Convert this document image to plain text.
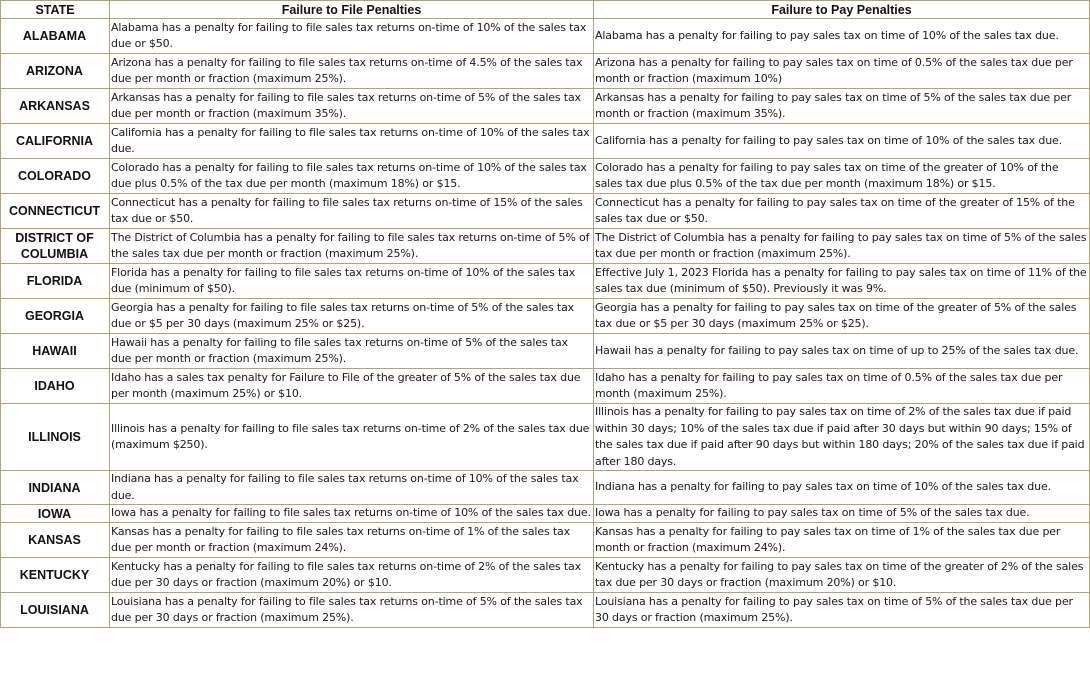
STATE	Failure to File Penalties	Failure to Pay Penalties
ALABAMA	Alabama has a penalty for failing to file sales tax returns on-time of 10% of the sales tax due or $50.	Alabama has a penalty for failing to pay sales tax on time of 10% of the sales tax due.
ARIZONA	Arizona has a penalty for failing to file sales tax returns on-time of 4.5% of the sales tax due per month or fraction (maximum 25%).	Arizona has a penalty for failing to pay sales tax on time of 0.5% of the sales tax due per month or fraction (maximum 10%)
ARKANSAS	Arkansas has a penalty for failing to file sales tax returns on-time of 5% of the sales tax due per month or fraction (maximum 35%).	Arkansas has a penalty for failing to pay sales tax on time of 5% of the sales tax due per month or fraction (maximum 35%).
CALIFORNIA	California has a penalty for failing to file sales tax returns on-time of 10% of the sales tax due.	California has a penalty for failing to pay sales tax on time of 10% of the sales tax due.
COLORADO	Colorado has a penalty for failing to file sales tax returns on-time of 10% of the sales tax due plus 0.5% of the tax due per month (maximum 18%) or $15.	Colorado has a penalty for failing to pay sales tax on time of the greater of 10% of the sales tax due plus 0.5% of the tax due per month (maximum 18%) or $15.
CONNECTICUT	Connecticut has a penalty for failing to file sales tax returns on-time of 15% of the sales tax due or $50.	Connecticut has a penalty for failing to pay sales tax on time of the greater of 15% of the sales tax due or $50.
DISTRICT OF COLUMBIA	The District of Columbia has a penalty for failing to file sales tax returns on-time of 5% of the sales tax due per month or fraction (maximum 25%).	The District of Columbia has a penalty for failing to pay sales tax on time of 5% of the sales tax due per month or fraction (maximum 25%).
FLORIDA	Florida has a penalty for failing to file sales tax returns on-time of 10% of the sales tax due (minimum of $50).	Effective July 1, 2023 Florida has a penalty for failing to pay sales tax on time of 11% of the sales tax due (minimum of $50). Previously it was 9%.
GEORGIA	Georgia has a penalty for failing to file sales tax returns on-time of 5% of the sales tax due or $5 per 30 days (maximum 25% or $25).	Georgia has a penalty for failing to pay sales tax on time of the greater of 5% of the sales tax due or $5 per 30 days (maximum 25% or $25).
HAWAII	Hawaii has a penalty for failing to file sales tax returns on-time of 5% of the sales tax due per month or fraction (maximum 25%).	Hawaii has a penalty for failing to pay sales tax on time of up to 25% of the sales tax due.
IDAHO	Idaho has a sales tax penalty for Failure to File of the greater of 5% of the sales tax due per month (maximum 25%) or $10.	Idaho has a penalty for failing to pay sales tax on time of 0.5% of the sales tax due per month (maximum 25%).
ILLINOIS	Illinois has a penalty for failing to file sales tax returns on-time of 2% of the sales tax due (maximum $250).	Illinois has a penalty for failing to pay sales tax on time of 2% of the sales tax due if paid within 30 days; 10% of the sales tax due if paid after 30 days but within 90 days; 15% of the sales tax due if paid after 90 days but within 180 days; 20% of the sales tax due if paid after 180 days.
INDIANA	Indiana has a penalty for failing to file sales tax returns on-time of 10% of the sales tax due.	Indiana has a penalty for failing to pay sales tax on time of 10% of the sales tax due.
IOWA	Iowa has a penalty for failing to file sales tax returns on-time of 10% of the sales tax due.	Iowa has a penalty for failing to pay sales tax on time of 5% of the sales tax due.
KANSAS	Kansas has a penalty for failing to file sales tax returns on-time of 1% of the sales tax due per month or fraction (maximum 24%).	Kansas has a penalty for failing to pay sales tax on time of 1% of the sales tax due per month or fraction (maximum 24%).
KENTUCKY	Kentucky has a penalty for failing to file sales tax returns on-time of 2% of the sales tax due per 30 days or fraction (maximum 20%) or $10.	Kentucky has a penalty for failing to pay sales tax on time of the greater of 2% of the sales tax due per 30 days or fraction (maximum 20%) or $10.
LOUISIANA	Louisiana has a penalty for failing to file sales tax returns on-time of 5% of the sales tax due per 30 days or fraction (maximum 25%).	Louisiana has a penalty for failing to pay sales tax on time of 5% of the sales tax due per 30 days or fraction (maximum 25%).
